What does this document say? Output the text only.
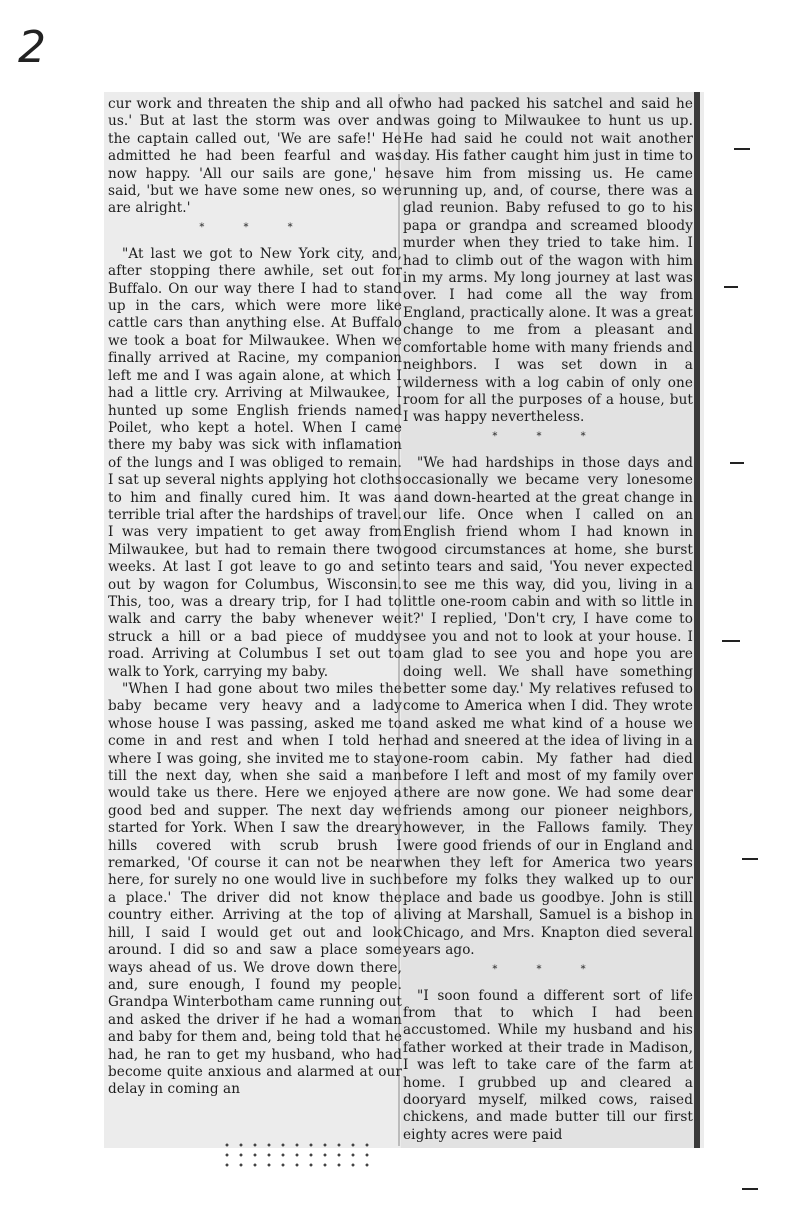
2

cur work and threaten the ship and all of us.' But at last the storm was over and the captain called out, 'We are safe!' He admitted he had been fearful and was now happy. 'All our sails are gone,' he said, 'but we have some new ones, so we are alright.'

* * *

"At last we got to New York city, and, after stopping there awhile, set out for Buffalo. On our way there I had to stand up in the cars, which were more like cattle cars than anything else. At Buffalo we took a boat for Milwaukee. When we finally arrived at Racine, my companion left me and I was again alone, at which I had a little cry. Arriving at Milwaukee, I hunted up some English friends named Poilet, who kept a hotel. When I came there my baby was sick with inflamation of the lungs and I was obliged to remain. I sat up several nights applying hot cloths to him and finally cured him. It was a terrible trial after the hardships of travel. I was very impatient to get away from Milwaukee, but had to remain there two weeks. At last I got leave to go and set out by wagon for Columbus, Wisconsin. This, too, was a dreary trip, for I had to walk and carry the baby whenever we struck a hill or a bad piece of muddy road. Arriving at Columbus I set out to walk to York, carrying my baby.

"When I had gone about two miles the baby became very heavy and a lady whose house I was passing, asked me to come in and rest and when I told her where I was going, she invited me to stay till the next day, when she said a man would take us there. Here we enjoyed a good bed and supper. The next day we started for York. When I saw the dreary hills covered with scrub brush I remarked, 'Of course it can not be near here, for surely no one would live in such a place.' The driver did not know the country either. Arriving at the top of a hill, I said I would get out and look around. I did so and saw a place some ways ahead of us. We drove down there, and, sure enough, I found my people. Grandpa Winterbotham came running out and asked the driver if he had a woman and baby for them and, being told that he had, he ran to get my husband, who had become quite anxious and alarmed at our delay in coming an

who had packed his satchel and said he was going to Milwaukee to hunt us up. He had said he could not wait another day. His father caught him just in time to save him from missing us. He came running up, and, of course, there was a glad reunion. Baby refused to go to his papa or grandpa and screamed bloody murder when they tried to take him. I had to climb out of the wagon with him in my arms. My long journey at last was over. I had come all the way from England, practically alone. It was a great change to me from a pleasant and comfortable home with many friends and neighbors. I was set down in a wilderness with a log cabin of only one room for all the purposes of a house, but I was happy nevertheless.

* * *

"We had hardships in those days and occasionally we became very lonesome and down-hearted at the great change in our life. Once when I called on an English friend whom I had known in good circumstances at home, she burst into tears and said, 'You never expected to see me this way, did you, living in a little one-room cabin and with so little in it?' I replied, 'Don't cry, I have come to see you and not to look at your house. I am glad to see you and hope you are doing well. We shall have something better some day.' My relatives refused to come to America when I did. They wrote and asked me what kind of a house we had and sneered at the idea of living in a one-room cabin. My father had died before I left and most of my family over there are now gone. We had some dear friends among our pioneer neighbors, however, in the Fallows family. They were good friends of our in England and when they left for America two years before my folks they walked up to our place and bade us goodbye. John is still living at Marshall, Samuel is a bishop in Chicago, and Mrs. Knapton died several years ago.

* * *

"I soon found a different sort of life from that to which I had been accustomed. While my husband and his father worked at their trade in Madison, I was left to take care of the farm at home. I grubbed up and cleared a dooryard myself, milked cows, raised chickens, and made butter till our first eighty acres were paid
